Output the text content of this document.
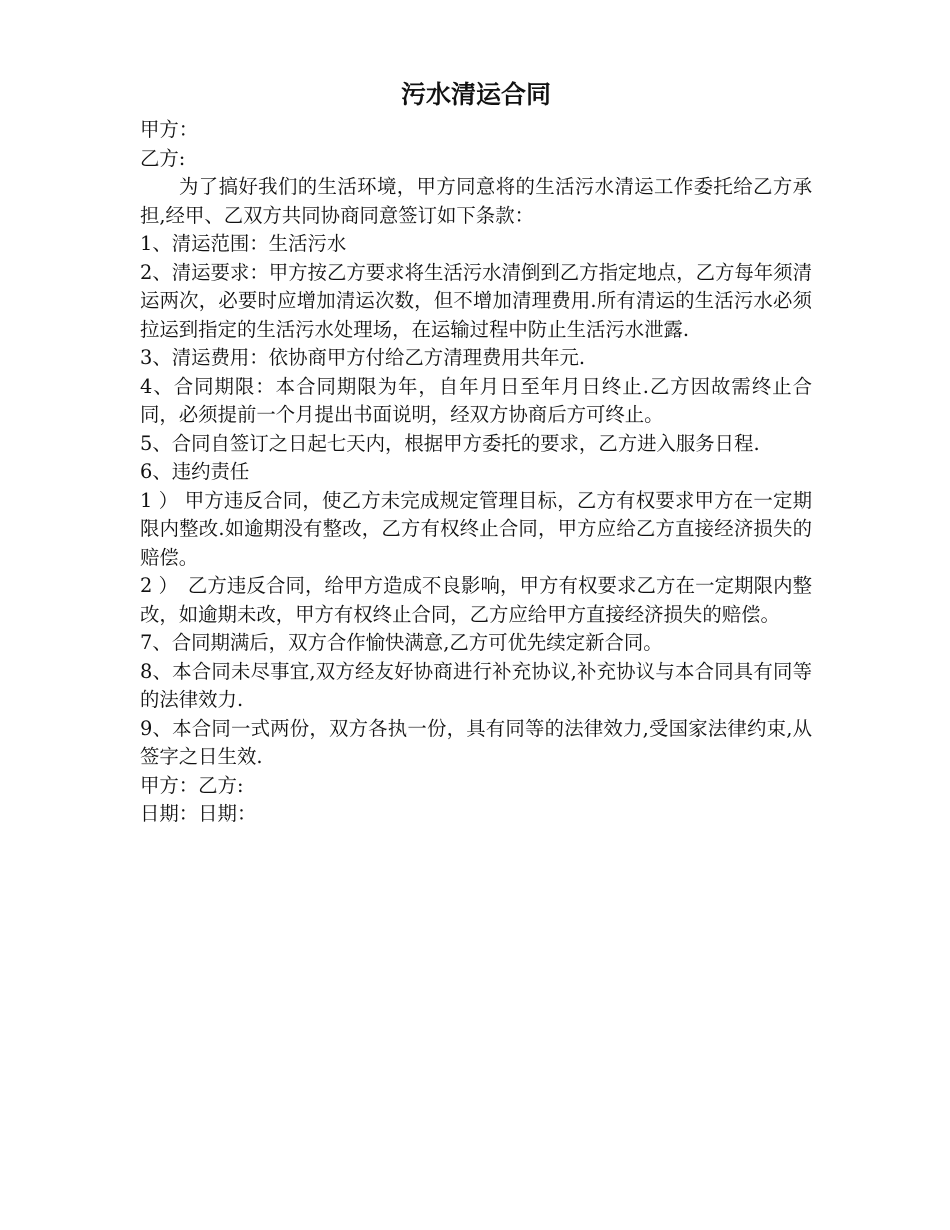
污水清运合同

甲方：

乙方:

为了搞好我们的生活环境，甲方同意将的生活污水清运工作委托给乙方承担,经甲、乙双方共同协商同意签订如下条款：

1、清运范围：生活污水

2、清运要求：甲方按乙方要求将生活污水清倒到乙方指定地点，乙方每年须清运两次，必要时应增加清运次数，但不增加清理费用.所有清运的生活污水必须拉运到指定的生活污水处理场，在运输过程中防止生活污水泄露.

3、清运费用：依协商甲方付给乙方清理费用共年元.

4、合同期限：本合同期限为年，自年月日至年月日终止.乙方因故需终止合同，必须提前一个月提出书面说明，经双方协商后方可终止。

5、合同自签订之日起七天内，根据甲方委托的要求，乙方进入服务日程.

6、违约责任

1 ） 甲方违反合同，使乙方未完成规定管理目标，乙方有权要求甲方在一定期限内整改.如逾期没有整改，乙方有权终止合同，甲方应给乙方直接经济损失的赔偿。

2 ）　乙方违反合同，给甲方造成不良影响，甲方有权要求乙方在一定期限内整改，如逾期未改，甲方有权终止合同，乙方应给甲方直接经济损失的赔偿。

7、合同期满后，双方合作愉快满意,乙方可优先续定新合同。

8、本合同未尽事宜,双方经友好协商进行补充协议,补充协议与本合同具有同等的法律效力.

9、本合同一式两份，双方各执一份，具有同等的法律效力,受国家法律约束,从签字之日生效.

甲方：乙方:

日期：日期：
